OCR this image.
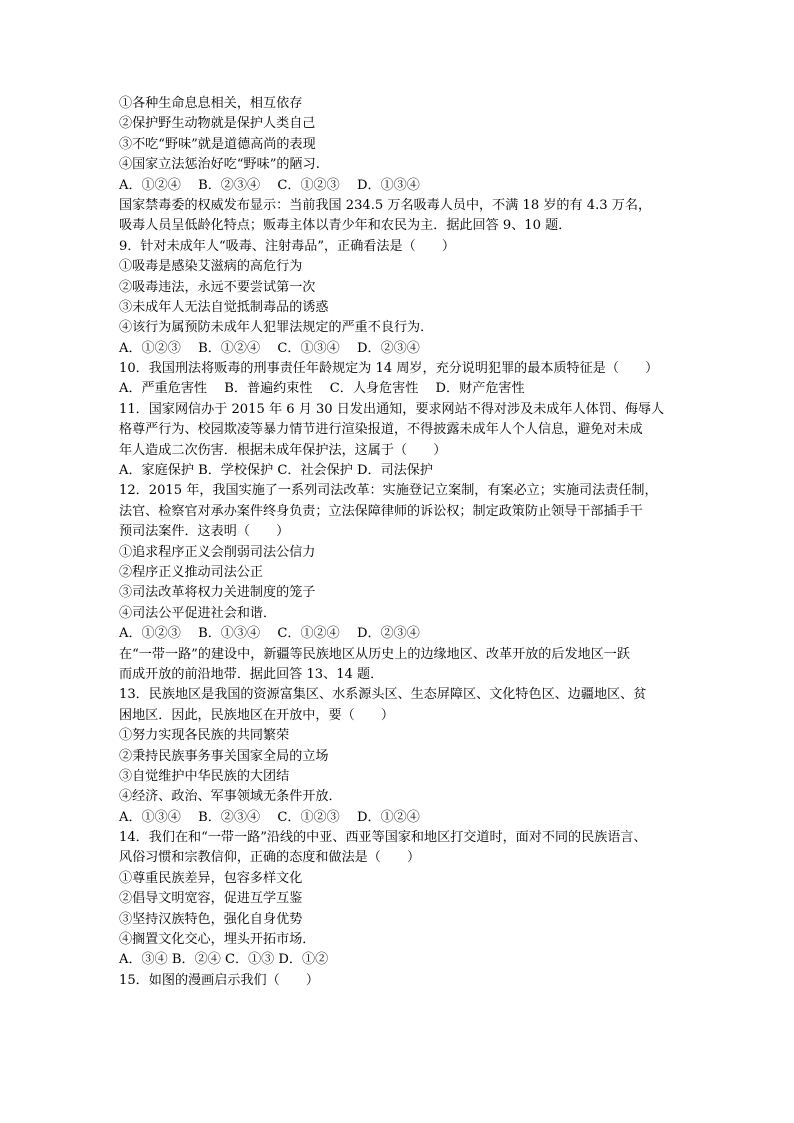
①各种生命息息相关，相互依存
②保护野生动物就是保护人类自己
③不吃“野味”就是道德高尚的表现
④国家立法惩治好吃“野味”的陋习.
A．①②④　 B．②③④　 C．①②③　 D．①③④
国家禁毒委的权威发布显示：当前我国 234.5 万名吸毒人员中，不满 18 岁的有 4.3 万名，
吸毒人员呈低龄化特点；贩毒主体以青少年和农民为主．据此回答 9、10 题．
9．针对未成年人“吸毒、注射毒品”，正确看法是（　　）
①吸毒是感染艾滋病的高危行为
②吸毒违法，永远不要尝试第一次
③未成年人无法自觉抵制毒品的诱惑
④该行为属预防未成年人犯罪法规定的严重不良行为．
A．①②③　 B．①②④　 C．①③④　 D．②③④
10．我国刑法将贩毒的刑事责任年龄规定为 14 周岁，充分说明犯罪的最本质特征是（　　）
A．严重危害性　 B．普遍约束性　 C．人身危害性　 D．财产危害性
11．国家网信办于 2015 年 6 月 30 日发出通知，要求网站不得对涉及未成年人体罚、侮辱人
格尊严行为、校园欺凌等暴力情节进行渲染报道，不得披露未成年人个人信息，避免对未成
年人造成二次伤害．根据未成年保护法，这属于（　　）
A．家庭保护 B．学校保护 C．社会保护 D．司法保护
12．2015 年，我国实施了一系列司法改革：实施登记立案制，有案必立；实施司法责任制，
法官、检察官对承办案件终身负责；立法保障律师的诉讼权；制定政策防止领导干部插手干
预司法案件．这表明（　　）
①追求程序正义会削弱司法公信力
②程序正义推动司法公正
③司法改革将权力关进制度的笼子
④司法公平促进社会和谐．
A．①②③　 B．①③④　 C．①②④　 D．②③④
在“一带一路”的建设中，新疆等民族地区从历史上的边缘地区、改革开放的后发地区一跃
而成开放的前沿地带．据此回答 13、14 题．
13．民族地区是我国的资源富集区、水系源头区、生态屏障区、文化特色区、边疆地区、贫
困地区．因此，民族地区在开放中，要（　　）
①努力实现各民族的共同繁荣
②秉持民族事务事关国家全局的立场
③自觉维护中华民族的大团结
④经济、政治、军事领域无条件开放．
A．①③④　 B．②③④　 C．①②③　 D．①②④
14．我们在和“一带一路”沿线的中亚、西亚等国家和地区打交道时，面对不同的民族语言、
风俗习惯和宗教信仰，正确的态度和做法是（　　）
①尊重民族差异，包容多样文化
②倡导文明宽容，促进互学互鉴
③坚持汉族特色，强化自身优势
④搁置文化交心，埋头开拓市场．
A．③④ B．②④ C．①③ D．①②
15．如图的漫画启示我们（　　）
